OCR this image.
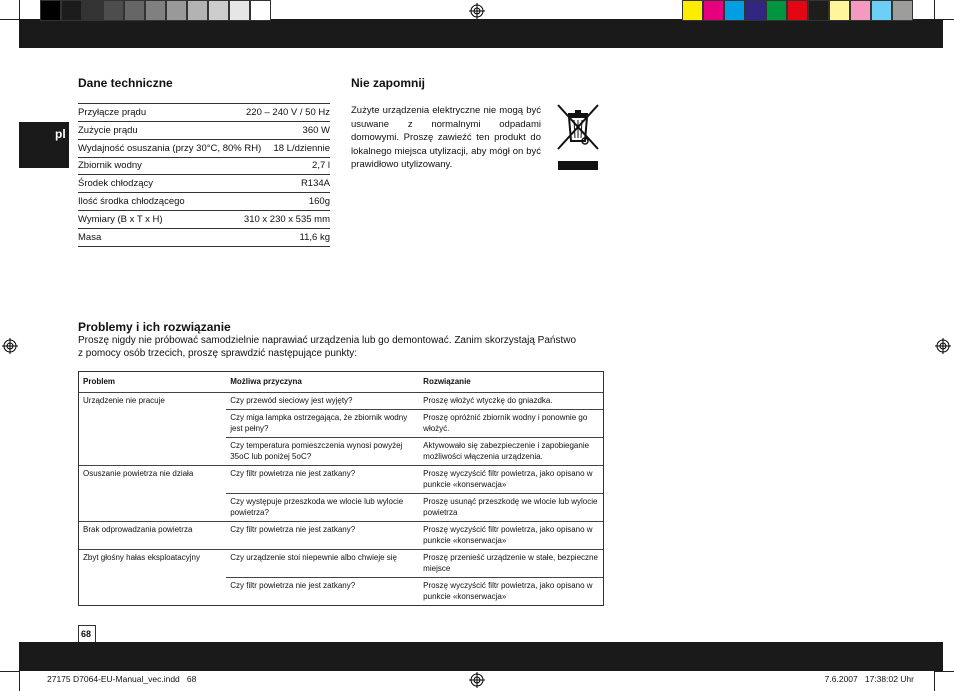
pl
Dane techniczne
Przyłącze prądu	220 – 240 V / 50 Hz
Zużycie prądu	360 W
Wydajność osuszania (przy 30°C, 80% RH) 18 L/dziennie
Zbiornik wodny	2,7 l
Środek chłodzący	R134A
Ilość środka chłodzącego	160g
Wymiary (B x T x H)	310 x 230 x 535 mm
Masa	11,6 kg
Nie zapomnij
Zużyte urządzenia elektryczne nie mogą być usuwane z normalnymi odpadami domowymi. Proszę zawieźć ten produkt do lokalnego miejsca utylizacji, aby mógł on być prawidłowo utylizowany.
Problemy i ich rozwiązanie
Proszę nigdy nie próbować samodzielnie naprawiać urządzenia lub go demontować. Zanim skorzystają Państwo z pomocy osób trzecich, proszę sprawdzić następujące punkty:
Problem	Możliwa przyczyna	Rozwiązanie
Urządzenie nie pracuje	Czy przewód sieciowy jest wyjęty?	Proszę włożyć wtyczkę do gniazdka.
	Czy miga lampka ostrzegająca, że zbiornik wodny jest pełny?	Proszę opróżnić zbiornik wodny i ponownie go włożyć.
	Czy temperatura pomieszczenia wynosi powyżej 35oC lub poniżej 5oC?	Aktywowało się zabezpieczenie i zapobieganie możliwości włączenia urządzenia.
Osuszanie powietrza nie działa	Czy filtr powietrza nie jest zatkany?	Proszę wyczyścić filtr powietrza, jako opisano w punkcie «konserwacja»
	Czy występuje przeszkoda we wlocie lub wylocie powietrza?	Proszę usunąć przeszkodę we wlocie lub wylocie powietrza
Brak odprowadzania powietrza	Czy filtr powietrza nie jest zatkany?	Proszę wyczyścić filtr powietrza, jako opisano w punkcie «konserwacja»
Zbyt głośny hałas eksploatacyjny	Czy urządzenie stoi niepewnie albo chwieje się	Proszę przenieść urządzenie w stałe, bezpieczne miejsce
	Czy filtr powietrza nie jest zatkany?	Proszę wyczyścić filtr powietrza, jako opisano w punkcie «konserwacja»
68
27175 D7064-EU-Manual_vec.indd   68	7.6.2007   17:38:02 Uhr
